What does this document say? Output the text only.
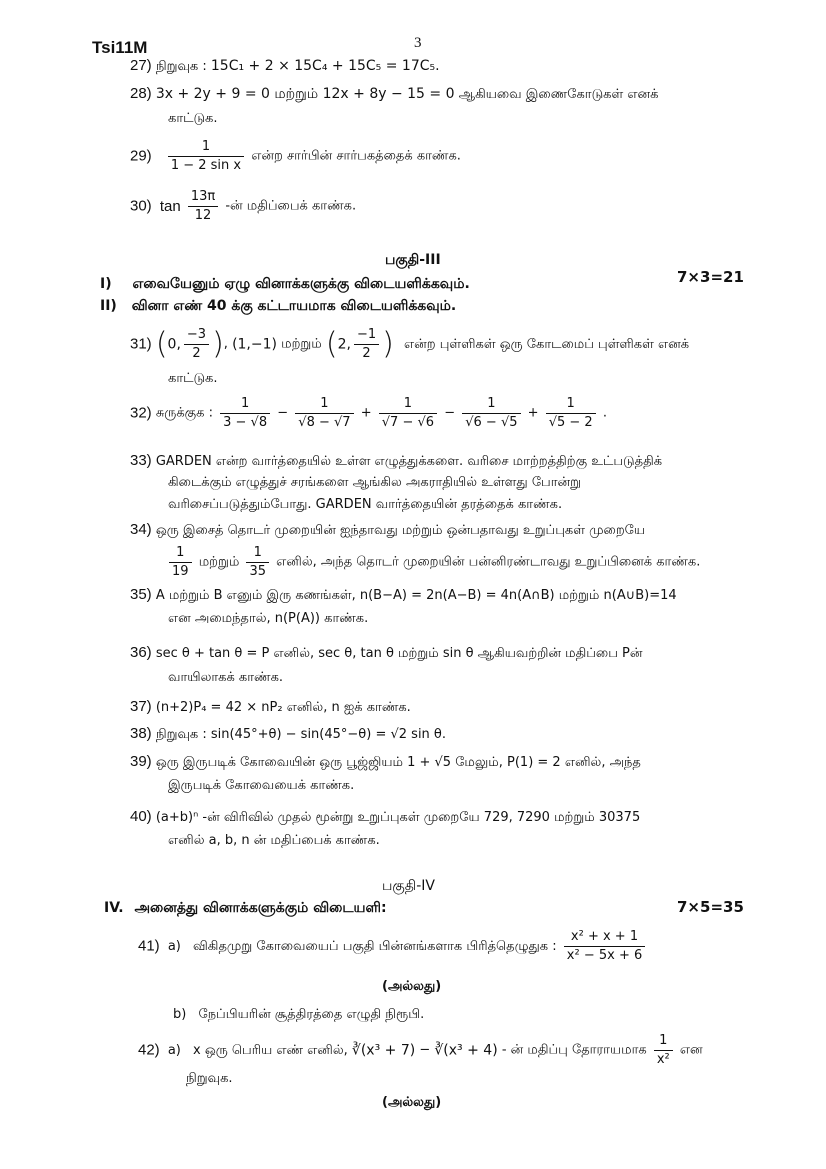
Tsi11M	3
27) நிறுவுக : 15C₁ + 2 × 15C₄ + 15C₅ = 17C₅.
28) 3x + 2y + 9 = 0 மற்றும் 12x + 8y − 15 = 0 ஆகியவை இணைகோடுகள் எனக்
காட்டுக.
$29) \frac{1}{\text{1 − 2 sin x}}$ என்ற சார்பின் சார்பகத்தைக் காண்க.
30) $\tan \frac{13\pi}{12}$ -ன் மதிப்பைக் காண்க.
பகுதி-III
I) எவையேனும் ஏழு வினாக்களுக்கு விடையளிக்கவும்.	7×3=21
II) வினா எண் 40 க்கு கட்டாயமாக விடையளிக்கவும்.
31) (0, $\frac{-3}{2}$ ), (1,−1) மற்றும் (2, $\frac{-1}{2}$ ) என்ற புள்ளிகள் ஒரு கோடமைப் புள்ளிகள் எனக்
காட்டுக.
32) சுருக்குக : $\frac{1}{3 - √8} - \frac{1}{√8 - √7} + \frac{1}{√7 - √6} - \frac{1}{√6 - √5} + \frac{1}{√5 - 2}$ .
33) GARDEN என்ற வார்த்தையில் உள்ள எழுத்துக்களை. வரிசை மாற்றத்திற்கு உட்படுத்திக்
கிடைக்கும் எழுத்துச் சரங்களை ஆங்கில அகராதியில் உள்ளது போன்று
வரிசைப்படுத்தும்போது. GARDEN வார்த்தையின் தரத்தைக் காண்க.
34) ஒரு இசைத் தொடர் முறையின் ஐந்தாவது மற்றும் ஒன்பதாவது உறுப்புகள் முறையே
$\frac{1}{19}$ மற்றும் $\frac{1}{35}$ எனில், அந்த தொடர் முறையின் பன்னிரண்டாவது உறுப்பினைக் காண்க.
35) A மற்றும் B எனும் இரு கணங்கள், n(B−A) = 2n(A−B) = 4n(A∩B) மற்றும் n(A∪B)=14
என அமைந்தால், n(P(A)) காண்க.
36) sec θ + tan θ = P எனில், sec θ, tan θ மற்றும் sin θ ஆகியவற்றின் மதிப்பை Pன்
வாயிலாகக் காண்க.
37) (n+2)P₄ = 42 × nP₂ எனில், n ஐக் காண்க.
38) நிறுவுக : sin(45°+θ) − sin(45°−θ) = √2 sin θ.
39) ஒரு இருபடிக் கோவையின் ஒரு பூஜ்ஜியம் 1 + √5 மேலும், P(1) = 2 எனில், அந்த
இருபடிக் கோவையைக் காண்க.
40) (a+b)ⁿ -ன் விரிவில் முதல் மூன்று உறுப்புகள் முறையே 729, 7290 மற்றும் 30375
எனில் a, b, n ன் மதிப்பைக் காண்க.
பகுதி-IV
IV. அனைத்து வினாக்களுக்கும் விடையளி:	7×5=35
41) a) விகிதமுறு கோவையைப் பகுதி பின்னங்களாக பிரித்தெழுதுக : $\frac{\text{x² + x + 1}}{\text{x² − 5x + 6}}$
(அல்லது)
b) நேப்பியரின் சூத்திரத்தை எழுதி நிரூபி.
42) a) x ஒரு பெரிய எண் எனில், ∛(x³ + 7) − ∛(x³ + 4) - ன் மதிப்பு தோராயமாக $\frac{1}{\text{x²}}$ என
நிறுவுக.
(அல்லது)
